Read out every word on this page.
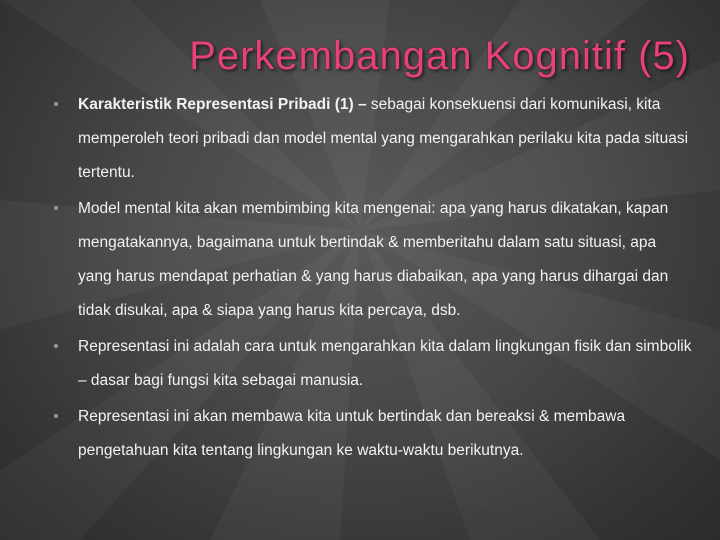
Perkembangan Kognitif (5)
Karakteristik Representasi Pribadi (1) – sebagai konsekuensi dari komunikasi, kita memperoleh teori pribadi dan model mental yang mengarahkan perilaku kita pada situasi tertentu.
Model mental kita akan membimbing kita mengenai: apa yang harus dikatakan, kapan mengatakannya, bagaimana untuk bertindak & memberitahu dalam satu situasi, apa yang harus mendapat perhatian & yang harus diabaikan, apa yang harus dihargai dan tidak disukai, apa & siapa yang harus kita percaya, dsb.
Representasi ini adalah cara untuk mengarahkan kita dalam lingkungan fisik dan simbolik – dasar bagi fungsi kita sebagai manusia.
Representasi ini akan membawa kita untuk bertindak dan bereaksi & membawa pengetahuan kita tentang lingkungan ke waktu-waktu berikutnya.
